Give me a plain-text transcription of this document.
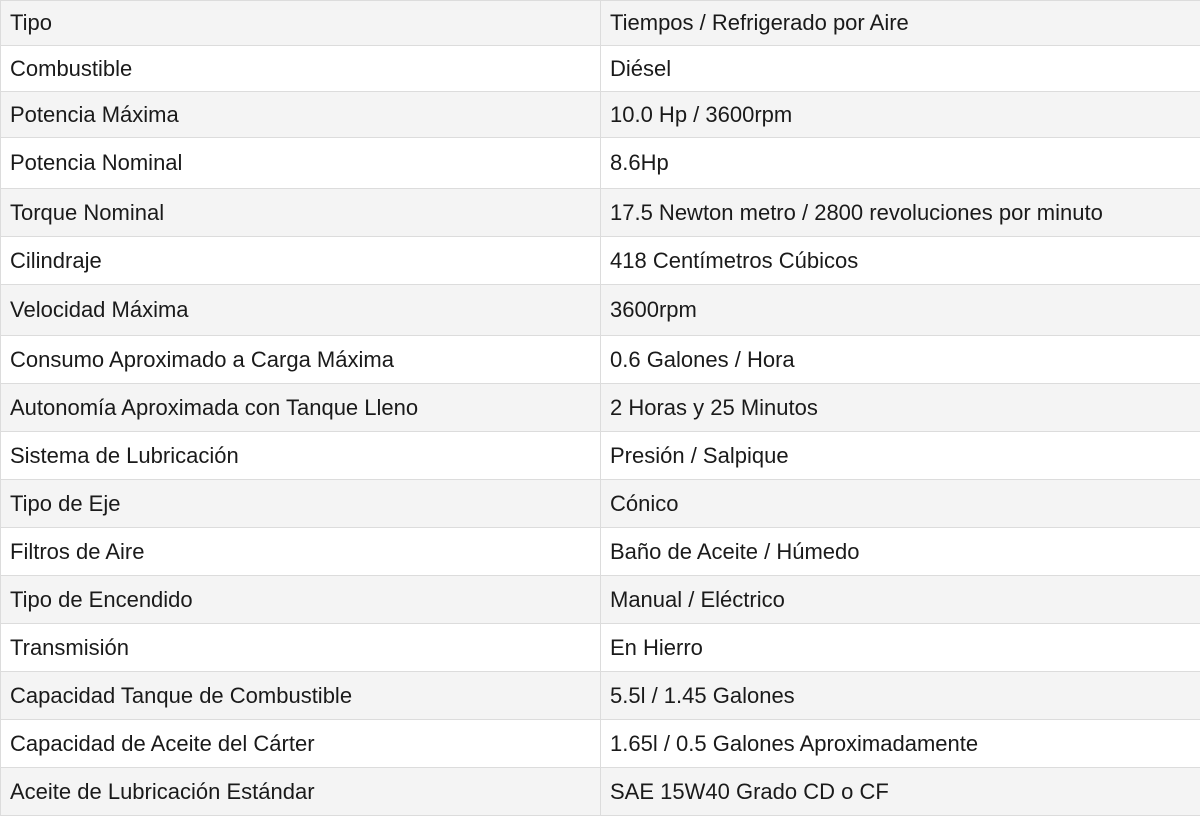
Tipo	Tiempos / Refrigerado por Aire
Combustible	Diésel
Potencia Máxima	10.0 Hp / 3600rpm
Potencia Nominal	8.6Hp
Torque Nominal	17.5 Newton metro / 2800 revoluciones por minuto
Cilindraje	418 Centímetros Cúbicos
Velocidad Máxima	3600rpm
Consumo Aproximado a Carga Máxima	0.6 Galones / Hora
Autonomía Aproximada con Tanque Lleno	2 Horas y 25 Minutos
Sistema de Lubricación	Presión / Salpique
Tipo de Eje	Cónico
Filtros de Aire	Baño de Aceite / Húmedo
Tipo de Encendido	Manual / Eléctrico
Transmisión	En Hierro
Capacidad Tanque de Combustible	5.5l / 1.45 Galones
Capacidad de Aceite del Cárter	1.65l / 0.5 Galones Aproximadamente
Aceite de Lubricación Estándar	SAE 15W40 Grado CD o CF
